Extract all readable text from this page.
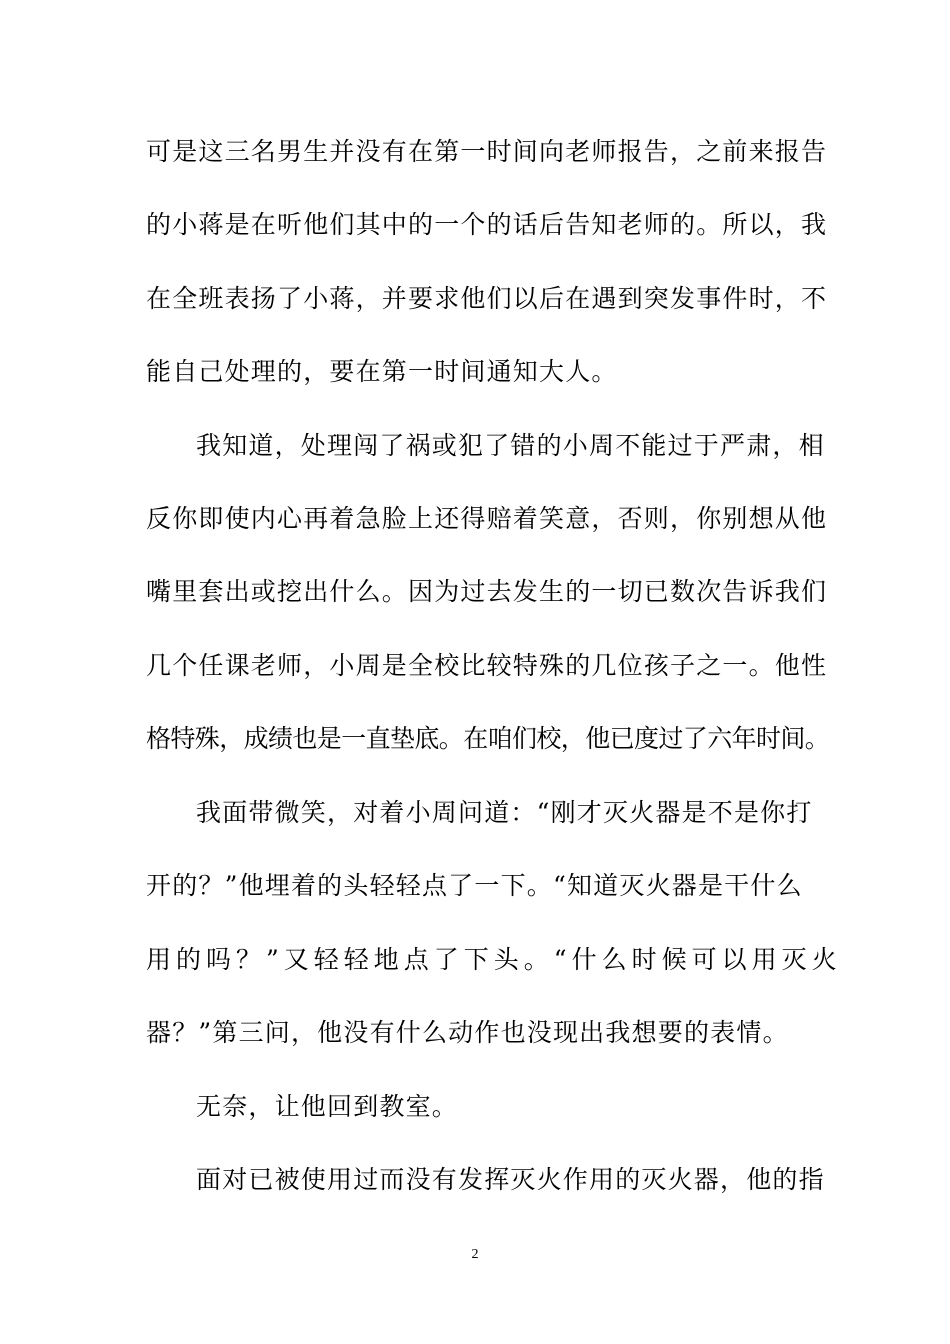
可是这三名男生并没有在第一时间向老师报告，之前来报告
的小蒋是在听他们其中的一个的话后告知老师的。所以，我
在全班表扬了小蒋，并要求他们以后在遇到突发事件时，不
能自己处理的，要在第一时间通知大人。
我知道，处理闯了祸或犯了错的小周不能过于严肃，相
反你即使内心再着急脸上还得赔着笑意，否则，你别想从他
嘴里套出或挖出什么。因为过去发生的一切已数次告诉我们
几个任课老师，小周是全校比较特殊的几位孩子之一。他性
格特殊，成绩也是一直垫底。在咱们校，他已度过了六年时间。
我面带微笑，对着小周问道：“刚才灭火器是不是你打
开的？”他埋着的头轻轻点了一下。“知道灭火器是干什么
用的吗？”又轻轻地点了下头。“什么时候可以用灭火
器？”第三问，他没有什么动作也没现出我想要的表情。
无奈，让他回到教室。
面对已被使用过而没有发挥灭火作用的灭火器，他的指
2
